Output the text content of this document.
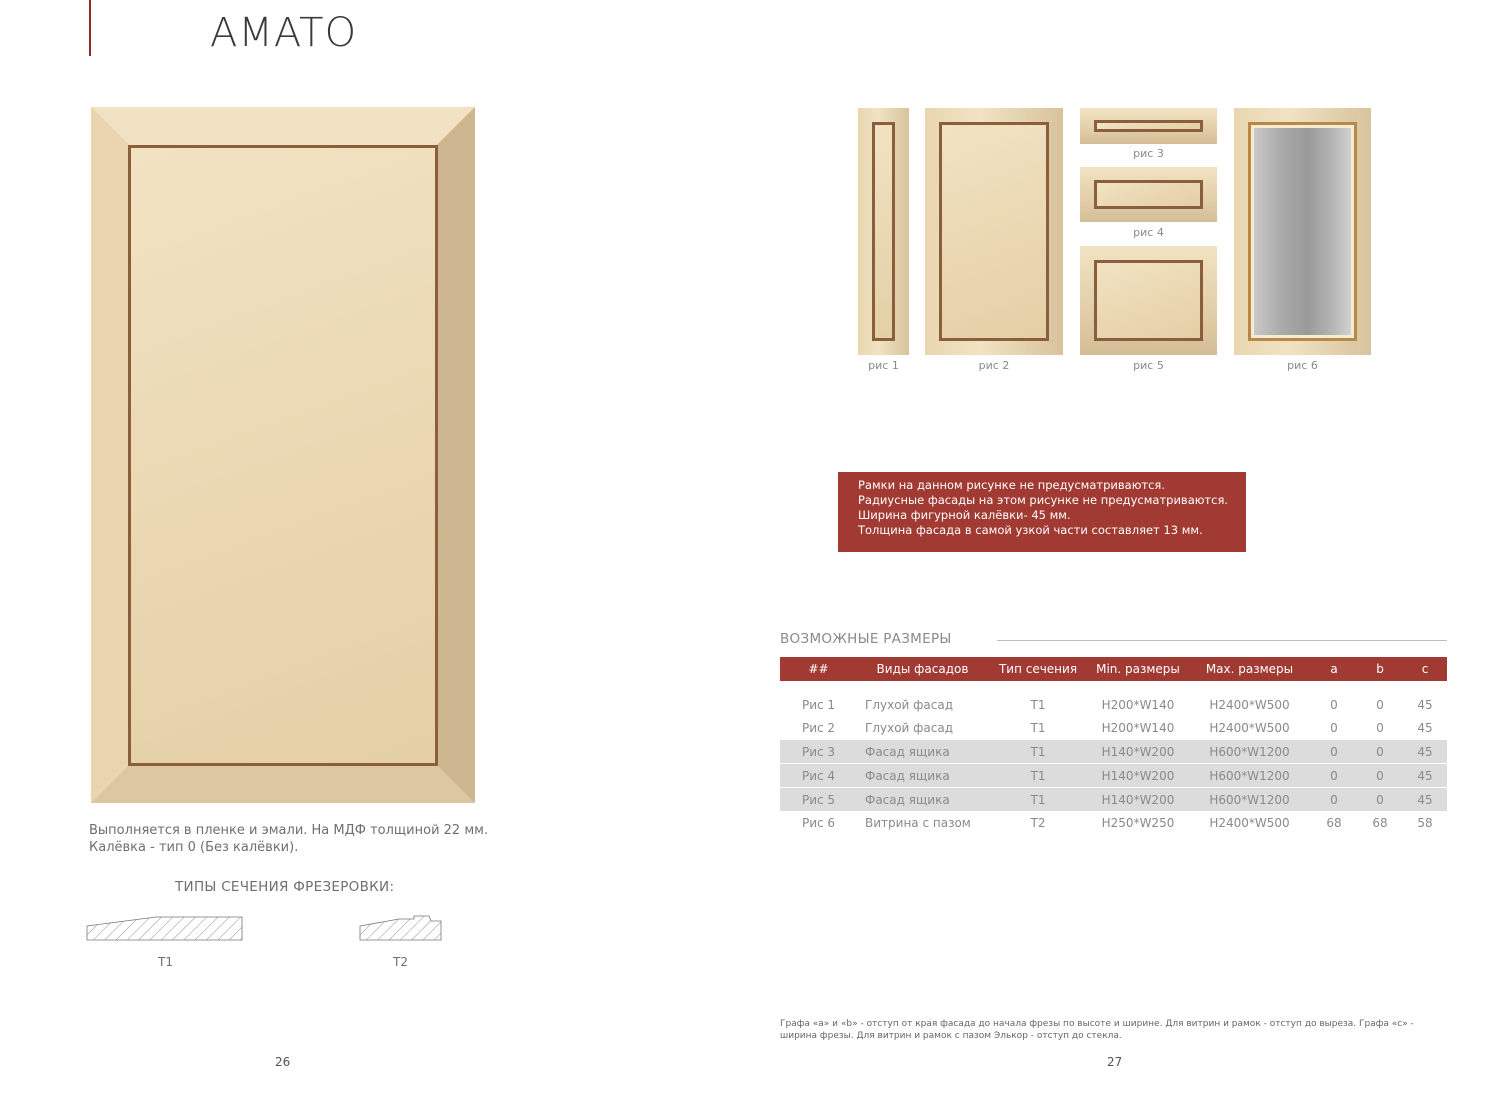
AMATO
Выполняется в пленке и эмали. На МДФ толщиной 22 мм.
Калёвка - тип 0 (Без калёвки).
ТИПЫ СЕЧЕНИЯ ФРЕЗЕРОВКИ:
T1	T2
26
рис 1	рис 2
рис 3
рис 4
рис 5	рис 6
Рамки на данном рисунке не предусматриваются.
Радиусные фасады на этом рисунке не предусматриваются.
Ширина фигурной калёвки- 45 мм.
Толщина фасада в самой узкой части составляет 13 мм.
ВОЗМОЖНЫЕ РАЗМЕРЫ
##	Виды фасадов	Тип сечения	Min. размеры	Max. размеры	a	b	c

Рис 1	Глухой фасад	T1	H200*W140	H2400*W500	0	0	45
Рис 2	Глухой фасад	T1	H200*W140	H2400*W500	0	0	45
Рис 3	Фасад ящика	T1	H140*W200	H600*W1200	0	0	45
Рис 4	Фасад ящика	T1	H140*W200	H600*W1200	0	0	45
Рис 5	Фасад ящика	T1	H140*W200	H600*W1200	0	0	45
Рис 6	Витрина с пазом	T2	H250*W250	H2400*W500	68	68	58
Графа «а» и «b» - отступ от края фасада до начала фрезы по высоте и ширине. Для витрин и рамок - отступ до выреза. Графа «с» - ширина фрезы. Для витрин и рамок с пазом Элькор - отступ до стекла.
27
